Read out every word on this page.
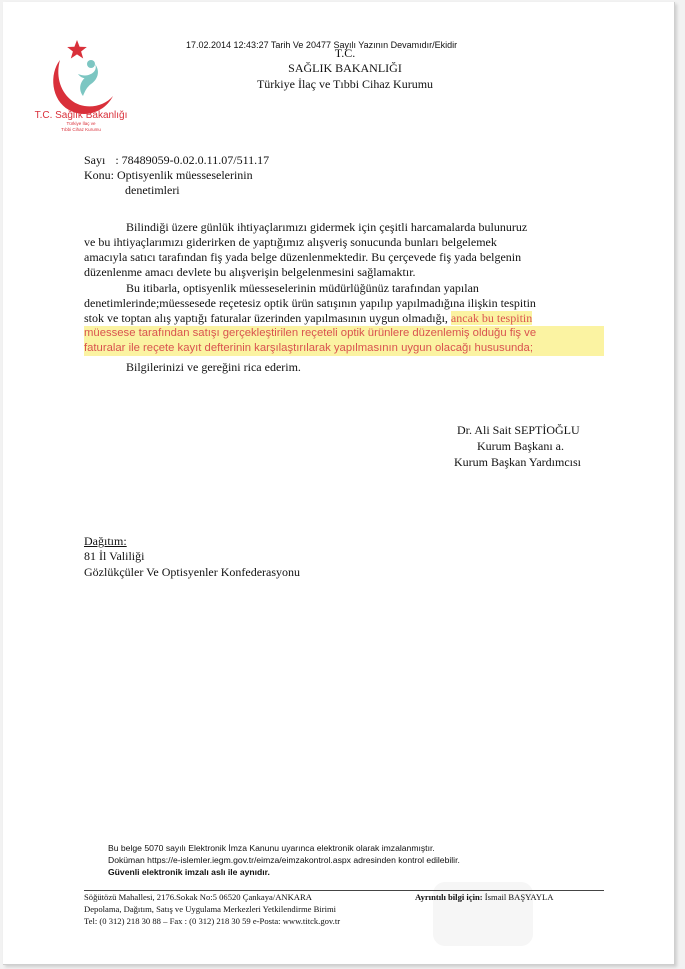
T.C. Sağlık Bakanlığı
Türkiye İlaç ve
Tıbbi Cihaz Kurumu
17.02.2014 12:43:27 Tarih Ve 20477 Sayılı Yazının Devamıdır/Ekidir
T.C.
SAĞLIK BAKANLIĞI
Türkiye İlaç ve Tıbbi Cihaz Kurumu
Sayı : 78489059-0.02.0.11.07/511.17
Konu: Optisyenlik müesseselerinin
denetimleri
Bilindiği üzere günlük ihtiyaçlarımızı gidermek için çeşitli harcamalarda bulunuruz
ve bu ihtiyaçlarımızı giderirken de yaptığımız alışveriş sonucunda bunları belgelemek
amacıyla satıcı tarafından fiş yada belge düzenlenmektedir. Bu çerçevede fiş yada belgenin
düzenlenme amacı devlete bu alışverişin belgelenmesini sağlamaktır.
Bu itibarla, optisyenlik müesseselerinin müdürlüğünüz tarafından yapılan
denetimlerinde;müessesede reçetesiz optik ürün satışının yapılıp yapılmadığına ilişkin tespitin
stok ve toptan alış yaptığı faturalar üzerinden yapılmasının uygun olmadığı, ancak bu tespitin
müessese tarafından satışı gerçekleştirilen reçeteli optik ürünlere düzenlemiş olduğu fiş ve
faturalar ile reçete kayıt defterinin karşılaştırılarak yapılmasının uygun olacağı hususunda;
Bilgilerinizi ve gereğini rica ederim.
Dr. Ali Sait SEPTİOĞLU
Kurum Başkanı a.
Kurum Başkan Yardımcısı
Dağıtım:
81 İl Valiliği
Gözlükçüler Ve Optisyenler Konfederasyonu
Bu belge 5070 sayılı Elektronik İmza Kanunu uyarınca elektronik olarak imzalanmıştır.
Doküman https://e-islemler.iegm.gov.tr/eimza/eimzakontrol.aspx adresinden kontrol edilebilir.
Güvenli elektronik imzalı aslı ile aynıdır.
Söğütözü Mahallesi, 2176.Sokak No:5 06520 Çankaya/ANKARA	Ayrıntılı bilgi için: İsmail BAŞYAYLA
Depolama, Dağıtım, Satış ve Uygulama Merkezleri Yetkilendirme Birimi
Tel: (0 312) 218 30 88 – Fax : (0 312) 218 30 59 e-Posta: www.titck.gov.tr
